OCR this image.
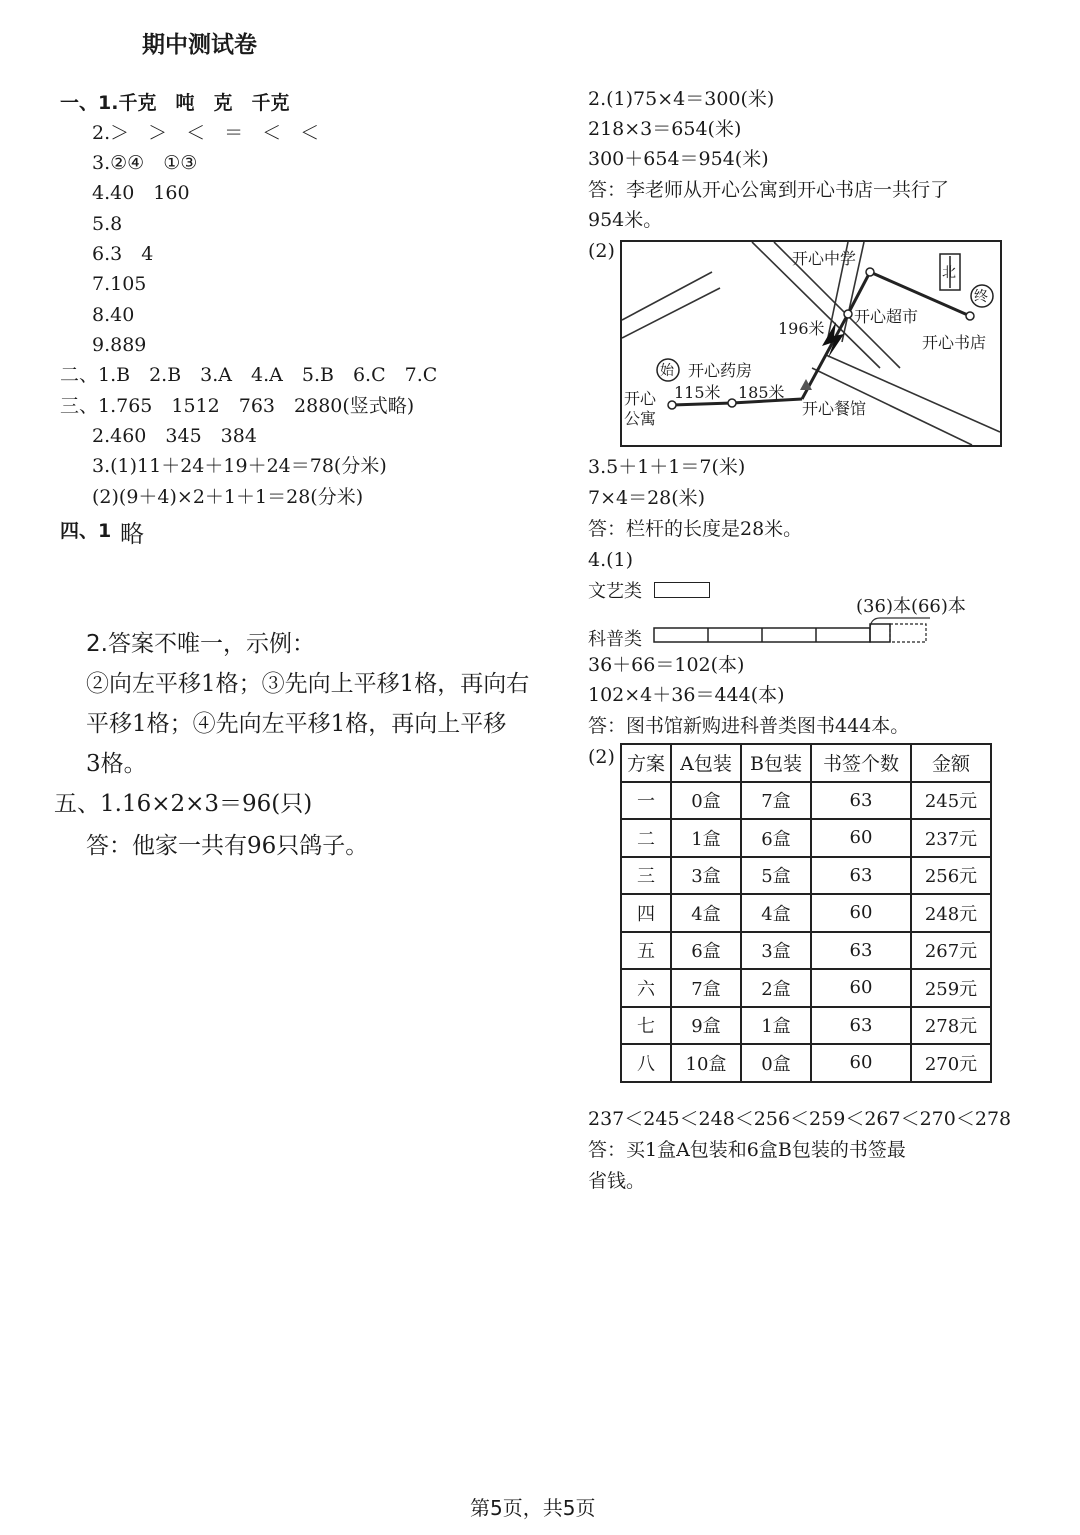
期中测试卷
一、1.千克　吨　克　千克
2.＞　＞　＜　＝　＜　＜
3.②④　①③
4.40　160
5.8
6.3　4
7.105
8.40
9.889
二、1.B　2.B　3.A　4.A　5.B　6.C　7.C
三、1.765　1512　763　2880(竖式略)
2.460　345　384
3.(1)11＋24＋19＋24＝78(分米)
(2)(9＋4)×2＋1＋1＝28(分米)
四、1 略
2.答案不唯一，示例：
②向左平移1格；③先向上平移1格，再向右
平移1格；④先向左平移1格，再向上平移
3格。
五、1.16×2×3＝96(只)
答：他家一共有96只鸽子。
2.(1)75×4＝300(米)
218×3＝654(米)
300＋654＝954(米)
答：李老师从开心公寓到开心书店一共行了
954米。
(2)	开心中学
北
终
开心超市
开心书店
196米
始 开心药房
开心
公寓
115米 185米
开心餐馆
3.5＋1＋1＝7(米)
7×4＝28(米)
答：栏杆的长度是28米。
4.(1)
文艺类
(36)本(66)本
科普类
36＋66＝102(本)
102×4＋36＝444(本)
答：图书馆新购进科普类图书444本。
(2) 方案	A包装	B包装	书签个数	金额
一	0盒	7盒	63	245元
二	1盒	6盒	60	237元
三	3盒	5盒	63	256元
四	4盒	4盒	60	248元
五	6盒	3盒	63	267元
六	7盒	2盒	60	259元
七	9盒	1盒	63	278元
八	10盒	0盒	60	270元
237＜245＜248＜256＜259＜267＜270＜278
答：买1盒A包装和6盒B包装的书签最
省钱。
第5页，共5页
